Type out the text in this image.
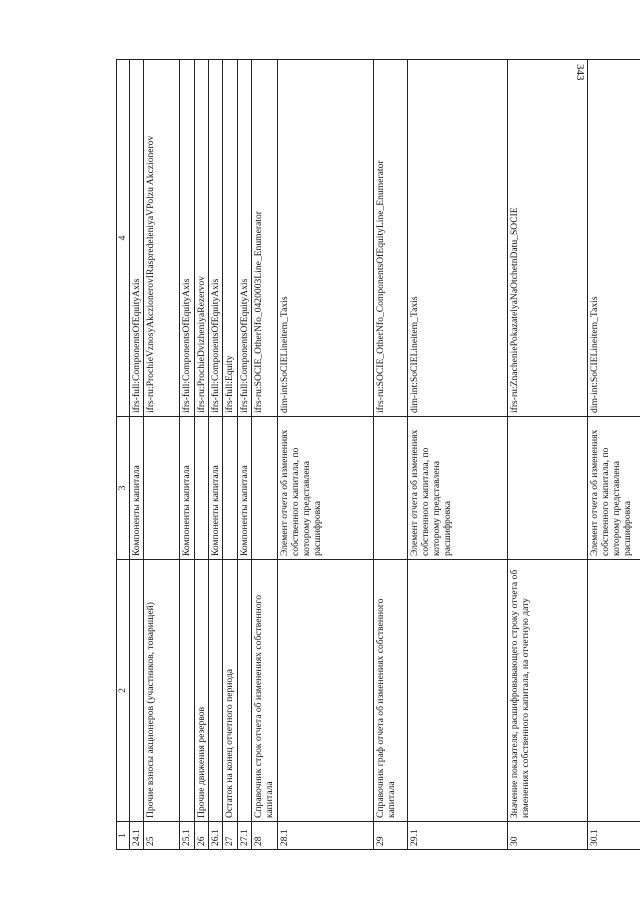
343
1	2	3	4
24.1		Компоненты капитала	ifrs-full:ComponentsOfEquityAxis
25	Прочие взносы акционеров (участников, товарищей)		ifrs-ru:ProchieVznosyAkczionerovIRaspredeleniyaVPolzu Akczionerov
25.1		Компоненты капитала	ifrs-full:ComponentsOfEquityAxis
26	Прочие движения резервов		ifrs-ru:ProchieDvizheniyaRezervov
26.1		Компоненты капитала	ifrs-full:ComponentsOfEquityAxis
27	Остаток на конец отчетного периода		ifrs-full:Equity
27.1		Компоненты капитала	ifrs-full:ComponentsOfEquityAxis
28	Справочник строк отчета об изменениях собственного капитала		ifrs-ru:SOCIE_OtherNfo_0420003Line_Enumerator
28.1		Элемент отчета об изменениях собственного капитала, по которому представлена расшифровка	dim-int:SoCIELineitem_Taxis
29	Справочник граф отчета об изменениях собственного капитала		ifrs-ru:SOCIE_OtherNfo_ComponentsOfEquityLine_Enumerator
29.1		Элемент отчета об изменениях собственного капитала, по которому представлена расшифровка	dim-int:SoCIELineitem_Taxis
30	Значение показателя, расшифровывающего строку отчета об изменениях собственного капитала, на отчетную дату		ifrs-ru:ZnacheniePokazatelyaNaOtchetnDatu_SOCIE
30.1		Элемент отчета об изменениях собственного капитала, по которому представлена расшифровка	dim-int:SoCIELineitem_Taxis
